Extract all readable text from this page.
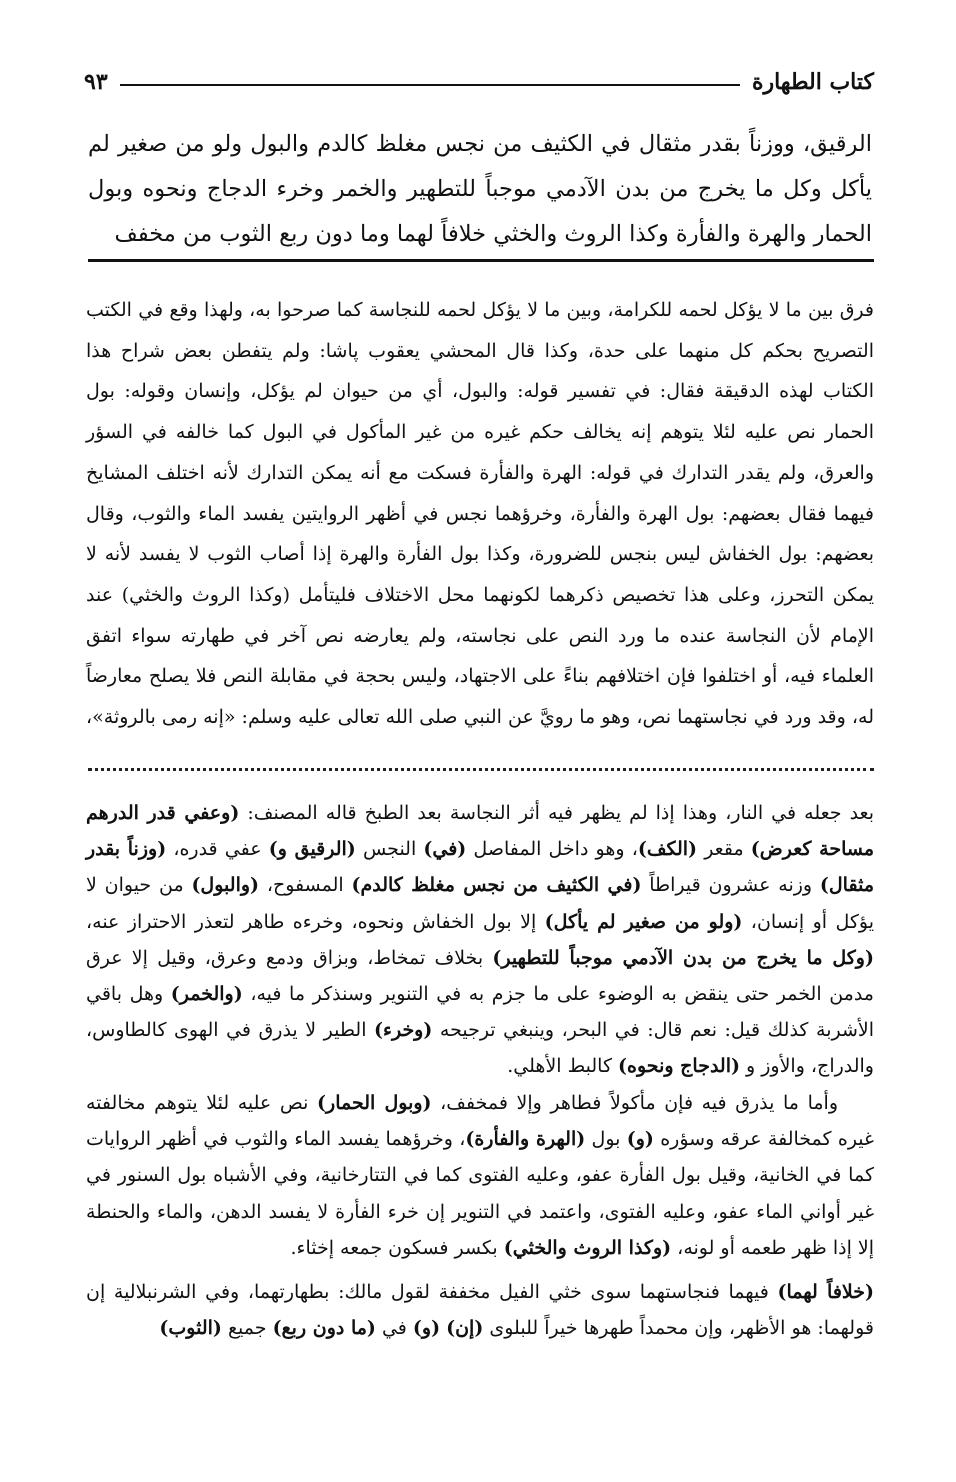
كتاب الطهارة
٩٣

الرقيق، ووزناً بقدر مثقال في الكثيف من نجس مغلظ كالدم والبول ولو من صغير لم يأكل وكل ما يخرج من بدن الآدمي موجباً للتطهير والخمر وخرء الدجاج ونحوه وبول الحمار والهرة والفأرة وكذا الروث والخثي خلافاً لهما وما دون ربع الثوب من مخفف

فرق بين ما لا يؤكل لحمه للكرامة، وبين ما لا يؤكل لحمه للنجاسة كما صرحوا به، ولهذا وقع في الكتب التصريح بحكم كل منهما على حدة، وكذا قال المحشي يعقوب پاشا: ولم يتفطن بعض شراح هذا الكتاب لهذه الدقيقة فقال: في تفسير قوله: والبول، أي من حيوان لم يؤكل، وإنسان وقوله: بول الحمار نص عليه لئلا يتوهم إنه يخالف حكم غيره من غير المأكول في البول كما خالفه في السؤر والعرق، ولم يقدر التدارك في قوله: الهرة والفأرة فسكت مع أنه يمكن التدارك لأنه اختلف المشايخ فيهما فقال بعضهم: بول الهرة والفأرة، وخرؤهما نجس في أظهر الروايتين يفسد الماء والثوب، وقال بعضهم: بول الخفاش ليس بنجس للضرورة، وكذا بول الفأرة والهرة إذا أصاب الثوب لا يفسد لأنه لا يمكن التحرز، وعلى هذا تخصيص ذكرهما لكونهما محل الاختلاف فليتأمل (وكذا الروث والخثي) عند الإمام لأن النجاسة عنده ما ورد النص على نجاسته، ولم يعارضه نص آخر في طهارته سواء اتفق العلماء فيه، أو اختلفوا فإن اختلافهم بناءً على الاجتهاد، وليس بحجة في مقابلة النص فلا يصلح معارضاً له، وقد ورد في نجاستهما نص، وهو ما رويَّ عن النبي صلى الله تعالى عليه وسلم: «إنه رمى بالروثة»،

بعد جعله في النار، وهذا إذا لم يظهر فيه أثر النجاسة بعد الطبخ قاله المصنف: (وعفي قدر الدرهم مساحة كعرض) مقعر (الكف)، وهو داخل المفاصل (في) النجس (الرقيق و) عفي قدره، (وزناً بقدر مثقال) وزنه عشرون قيراطاً (في الكثيف من نجس مغلظ كالدم) المسفوح، (والبول) من حيوان لا يؤكل أو إنسان، (ولو من صغير لم يأكل) إلا بول الخفاش ونحوه، وخرءه طاهر لتعذر الاحتراز عنه، (وكل ما يخرج من بدن الآدمي موجباً للتطهير) بخلاف تمخاط، وبزاق ودمع وعرق، وقيل إلا عرق مدمن الخمر حتى ينقض به الوضوء على ما جزم به في التنوير وسنذكر ما فيه، (والخمر) وهل باقي الأشربة كذلك قيل: نعم قال: في البحر، وينبغي ترجيحه (وخرء) الطير لا يذرق في الهوى كالطاوس، والدراج، والأوز و (الدجاج ونحوه) كالبط الأهلي.

وأما ما يذرق فيه فإن مأكولاً فطاهر وإلا فمخفف، (وبول الحمار) نص عليه لئلا يتوهم مخالفته غيره كمخالفة عرقه وسؤره (و) بول (الهرة والفأرة)، وخرؤهما يفسد الماء والثوب في أظهر الروايات كما في الخانية، وقيل بول الفأرة عفو، وعليه الفتوى كما في التتارخانية، وفي الأشباه بول السنور في غير أواني الماء عفو، وعليه الفتوى، واعتمد في التنوير إن خرء الفأرة لا يفسد الدهن، والماء والحنطة إلا إذا ظهر طعمه أو لونه، (وكذا الروث والخثي) بكسر فسكون جمعه إخثاء.

(خلافاً لهما) فيهما فنجاستهما سوى خثي الفيل مخففة لقول مالك: بطهارتهما، وفي الشرنبلالية إن قولهما: هو الأظهر، وإن محمداً طهرها خيراً للبلوى (إن) (و) في (ما دون ربع) جميع (الثوب)
